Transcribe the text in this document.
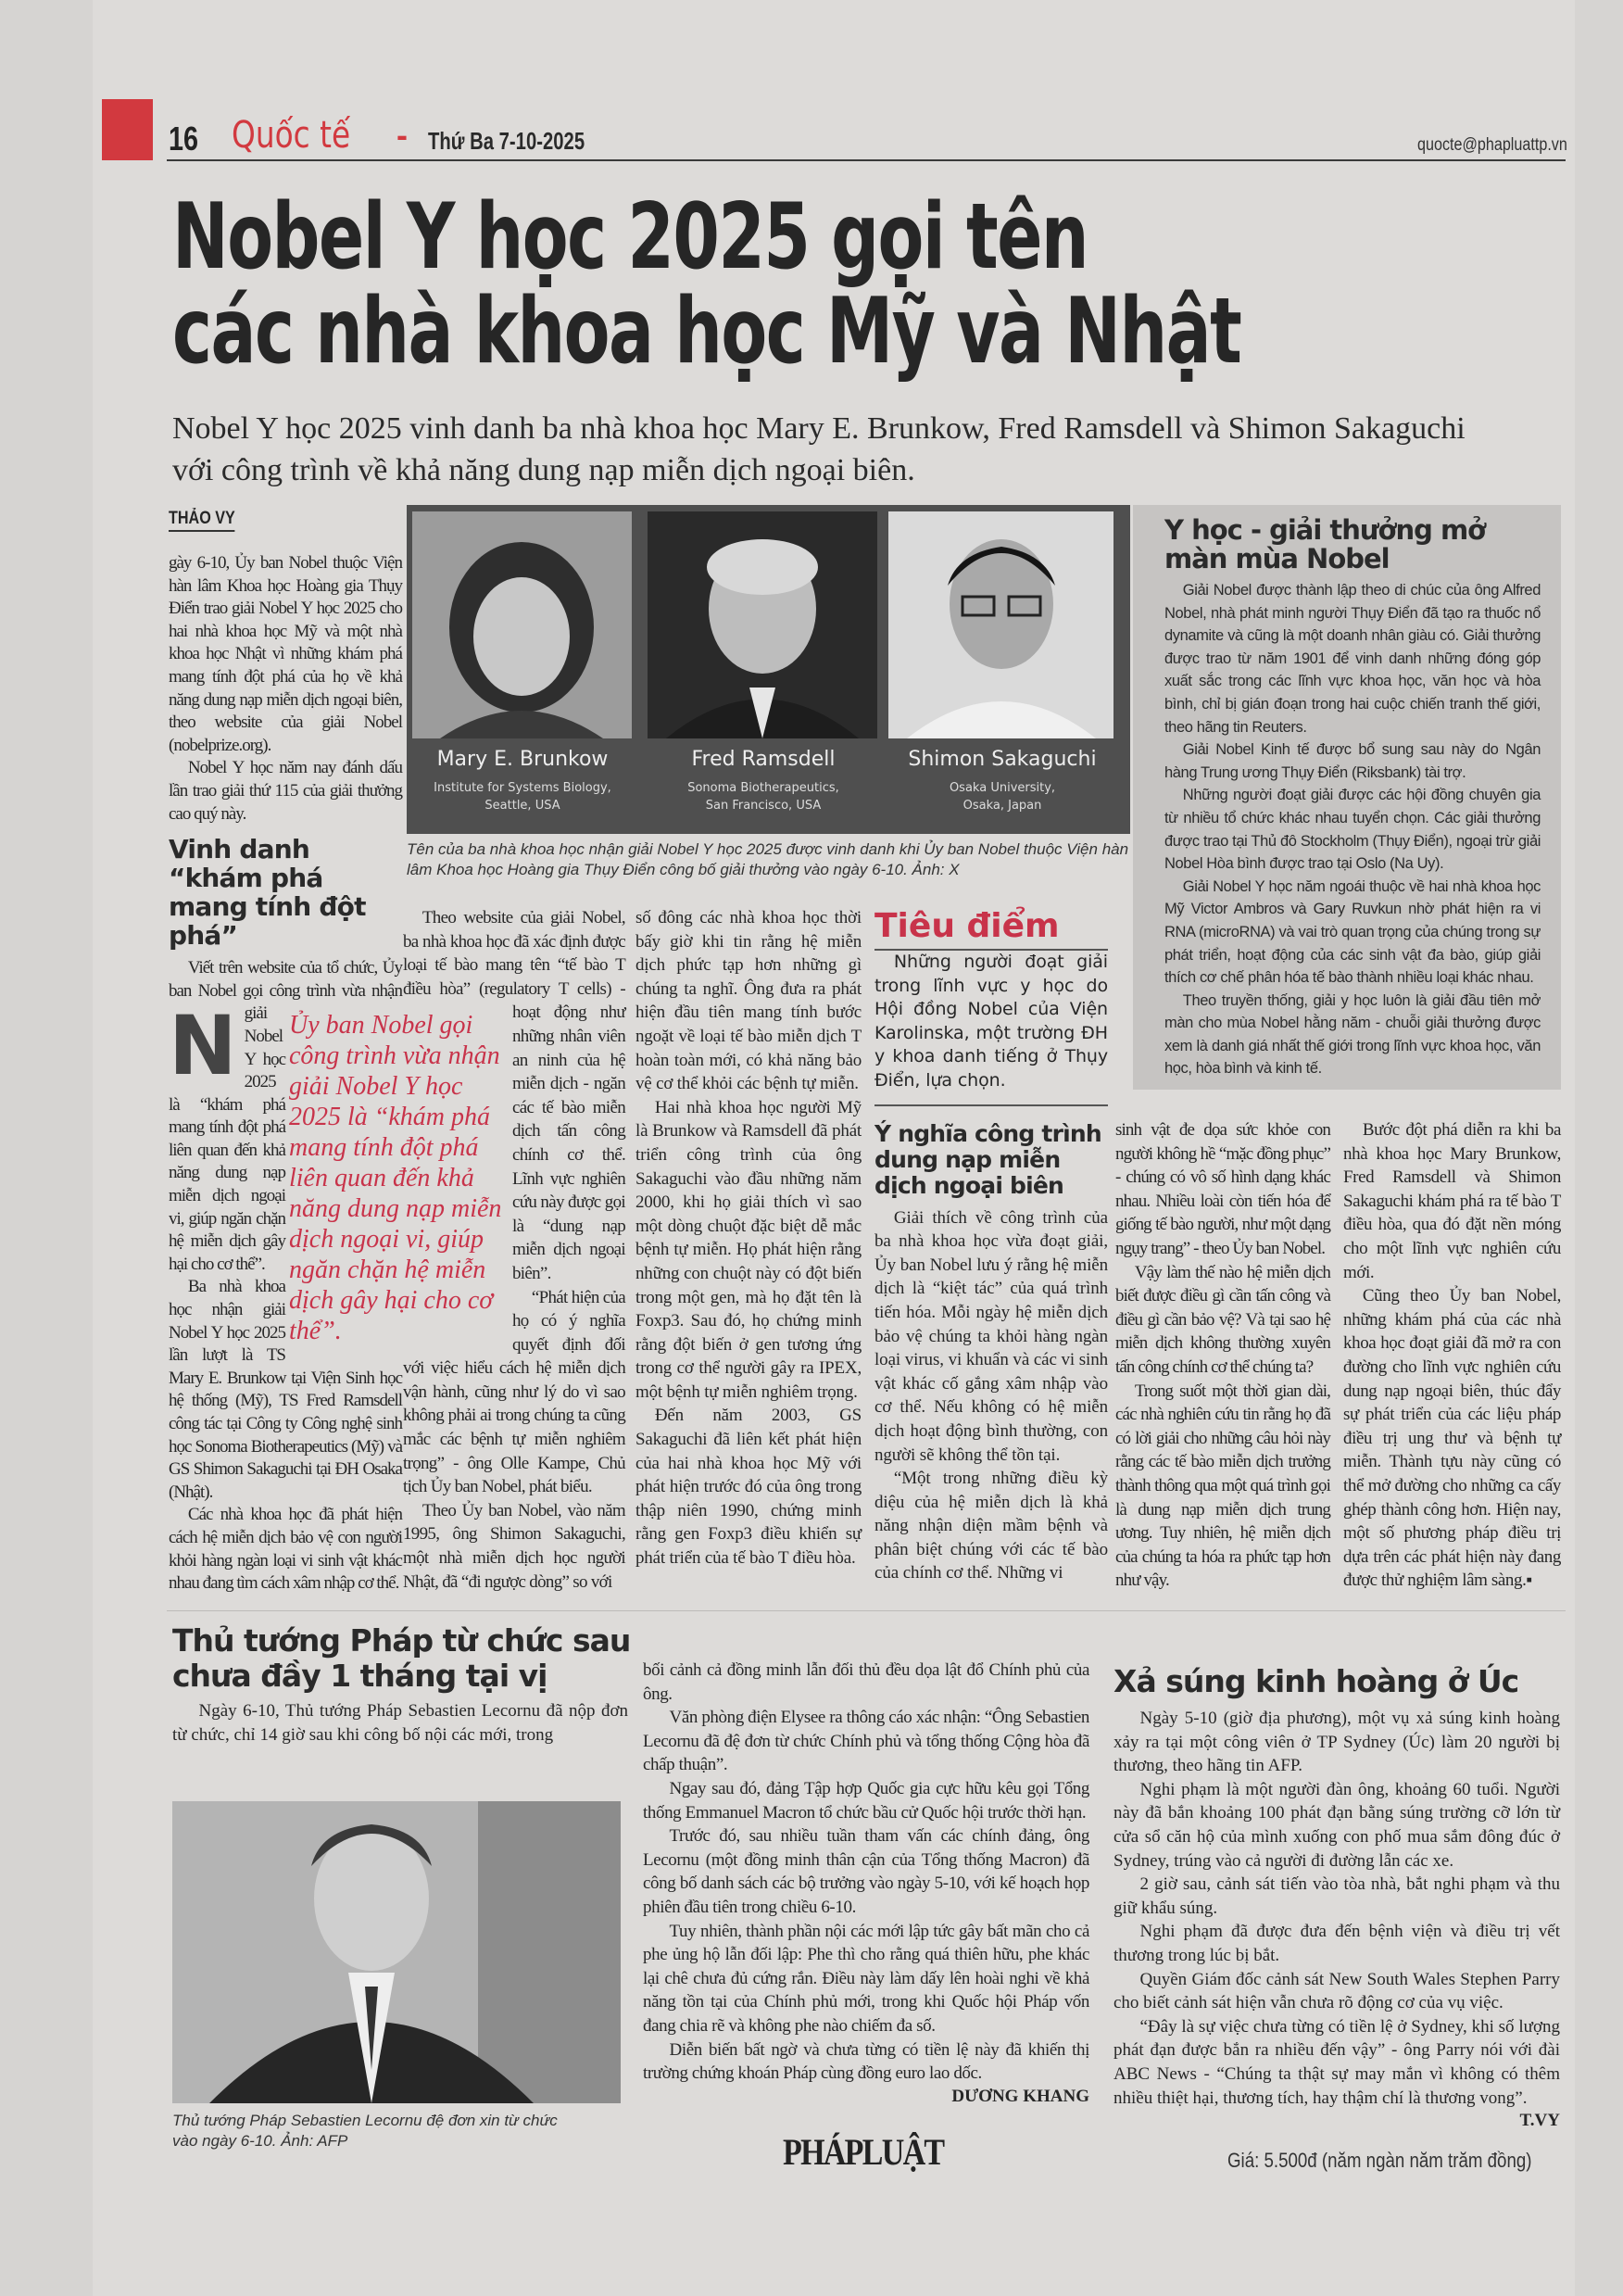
16 Quốc tế - Thứ Ba 7-10-2025	quocte@phapluattp.vn
Nobel Y học 2025 gọi tên
các nhà khoa học Mỹ và Nhật
Nobel Y học 2025 vinh danh ba nhà khoa học Mary E. Brunkow, Fred Ramsdell và Shimon Sakaguchi với công trình về khả năng dung nạp miễn dịch ngoại biên.
THẢO VY

N
gày 6-10, Ủy ban Nobel thuộc Viện hàn lâm Khoa học Hoàng gia Thụy Điển trao giải Nobel Y học 2025 cho hai nhà khoa học Mỹ và một nhà khoa học Nhật vì những khám phá mang tính đột phá của họ về khả năng dung nạp miễn dịch ngoại biên, theo website của giải Nobel (nobelprize.org).

Nobel Y học năm nay đánh dấu lần trao giải thứ 115 của giải thưởng cao quý này.

Vinh danh “khám phá mang tính đột phá”

Viết trên website của tổ chức, Ủy ban Nobel gọi công trình vừa nhận giải Nobel Y học 2025 là “khám phá mang tính đột phá liên quan đến khả năng dung nạp miễn dịch ngoại vi, giúp ngăn chặn hệ miễn dịch gây hại cho cơ thể”.

Ba nhà khoa học nhận giải Nobel Y học 2025 lần lượt là TS Mary E. Brunkow tại Viện Sinh học hệ thống (Mỹ), TS Fred Ramsdell công tác tại Công ty Công nghệ sinh học Sonoma Biotherapeutics (Mỹ) và GS Shimon Sakaguchi tại ĐH Osaka (Nhật).

Các nhà khoa học đã phát hiện cách hệ miễn dịch bảo vệ con người khỏi hàng ngàn loại vi sinh vật khác nhau đang tìm cách xâm nhập cơ thể.

Mary E. Brunkow
Institute for Systems Biology,
Seattle, USA
Fred Ramsdell
Sonoma Biotherapeutics,
San Francisco, USA
Shimon Sakaguchi
Osaka University,
Osaka, Japan
Tên của ba nhà khoa học nhận giải Nobel Y học 2025 được vinh danh khi Ủy ban Nobel thuộc Viện hàn lâm Khoa học Hoàng gia Thụy Điển công bố giải thưởng vào ngày 6-10. Ảnh: X
Ủy ban Nobel gọi công trình vừa nhận giải Nobel Y học 2025 là “khám phá mang tính đột phá liên quan đến khả năng dung nạp miễn dịch ngoại vi, giúp ngăn chặn hệ miễn dịch gây hại cho cơ thể”.

Theo website của giải Nobel, ba nhà khoa học đã xác định được loại tế bào mang tên “tế bào T điều hòa” (regulatory T cells) - hoạt động như những nhân viên an ninh của hệ miễn dịch - ngăn các tế bào miễn dịch tấn công chính cơ thể. Lĩnh vực nghiên cứu này được gọi là “dung nạp miễn dịch ngoại biên”.

“Phát hiện của họ có ý nghĩa quyết định đối với việc hiểu cách hệ miễn dịch vận hành, cũng như lý do vì sao không phải ai trong chúng ta cũng mắc các bệnh tự miễn nghiêm trọng” - ông Olle Kampe, Chủ tịch Ủy ban Nobel, phát biểu.

Theo Ủy ban Nobel, vào năm 1995, ông Shimon Sakaguchi, một nhà miễn dịch học người Nhật, đã “đi ngược dòng” so với

số đông các nhà khoa học thời bấy giờ khi tin rằng hệ miễn dịch phức tạp hơn những gì chúng ta nghĩ. Ông đưa ra phát hiện đầu tiên mang tính bước ngoặt về loại tế bào miễn dịch T hoàn toàn mới, có khả năng bảo vệ cơ thể khỏi các bệnh tự miễn.

Hai nhà khoa học người Mỹ là Brunkow và Ramsdell đã phát triển công trình của ông Sakaguchi vào đầu những năm 2000, khi họ giải thích vì sao một dòng chuột đặc biệt dễ mắc bệnh tự miễn. Họ phát hiện rằng những con chuột này có đột biến trong một gen, mà họ đặt tên là Foxp3. Sau đó, họ chứng minh rằng đột biến ở gen tương ứng trong cơ thể người gây ra IPEX, một bệnh tự miễn nghiêm trọng.

Đến năm 2003, GS Sakaguchi đã liên kết phát hiện của hai nhà khoa học Mỹ với phát hiện trước đó của ông trong thập niên 1990, chứng minh rằng gen Foxp3 điều khiển sự phát triển của tế bào T điều hòa.

Tiêu điểm

Những người đoạt giải trong lĩnh vực y học do Hội đồng Nobel của Viện Karolinska, một trường ĐH y khoa danh tiếng ở Thụy Điển, lựa chọn.

Ý nghĩa công trình dung nạp miễn dịch ngoại biên

Giải thích về công trình của ba nhà khoa học vừa đoạt giải, Ủy ban Nobel lưu ý rằng hệ miễn dịch là “kiệt tác” của quá trình tiến hóa. Mỗi ngày hệ miễn dịch bảo vệ chúng ta khỏi hàng ngàn loại virus, vi khuẩn và các vi sinh vật khác cố gắng xâm nhập vào cơ thể. Nếu không có hệ miễn dịch hoạt động bình thường, con người sẽ không thể tồn tại.

“Một trong những điều kỳ diệu của hệ miễn dịch là khả năng nhận diện mầm bệnh và phân biệt chúng với các tế bào của chính cơ thể. Những vi

Y học - giải thưởng mở màn mùa Nobel

Giải Nobel được thành lập theo di chúc của ông Alfred Nobel, nhà phát minh người Thụy Điển đã tạo ra thuốc nổ dynamite và cũng là một doanh nhân giàu có. Giải thưởng được trao từ năm 1901 để vinh danh những đóng góp xuất sắc trong các lĩnh vực khoa học, văn học và hòa bình, chỉ bị gián đoạn trong hai cuộc chiến tranh thế giới, theo hãng tin Reuters.

Giải Nobel Kinh tế được bổ sung sau này do Ngân hàng Trung ương Thụy Điển (Riksbank) tài trợ.

Những người đoạt giải được các hội đồng chuyên gia từ nhiều tổ chức khác nhau tuyển chọn. Các giải thưởng được trao tại Thủ đô Stockholm (Thụy Điển), ngoại trừ giải Nobel Hòa bình được trao tại Oslo (Na Uy).

Giải Nobel Y học năm ngoái thuộc về hai nhà khoa học Mỹ Victor Ambros và Gary Ruvkun nhờ phát hiện ra vi RNA (microRNA) và vai trò quan trọng của chúng trong sự phát triển, hoạt động của các sinh vật đa bào, giúp giải thích cơ chế phân hóa tế bào thành nhiều loại khác nhau.

Theo truyền thống, giải y học luôn là giải đầu tiên mở màn cho mùa Nobel hằng năm - chuỗi giải thưởng được xem là danh giá nhất thế giới trong lĩnh vực khoa học, văn học, hòa bình và kinh tế.

sinh vật đe dọa sức khỏe con người không hề “mặc đồng phục” - chúng có vô số hình dạng khác nhau. Nhiều loài còn tiến hóa để giống tế bào người, như một dạng ngụy trang” - theo Ủy ban Nobel.

Vậy làm thế nào hệ miễn dịch biết được điều gì cần tấn công và điều gì cần bảo vệ? Và tại sao hệ miễn dịch không thường xuyên tấn công chính cơ thể chúng ta?

Trong suốt một thời gian dài, các nhà nghiên cứu tin rằng họ đã có lời giải cho những câu hỏi này rằng các tế bào miễn dịch trưởng thành thông qua một quá trình gọi là dung nạp miễn dịch trung ương. Tuy nhiên, hệ miễn dịch của chúng ta hóa ra phức tạp hơn như vậy.

Bước đột phá diễn ra khi ba nhà khoa học Mary Brunkow, Fred Ramsdell và Shimon Sakaguchi khám phá ra tế bào T điều hòa, qua đó đặt nền móng cho một lĩnh vực nghiên cứu mới.

Cũng theo Ủy ban Nobel, những khám phá của các nhà khoa học đoạt giải đã mở ra con đường cho lĩnh vực nghiên cứu dung nạp ngoại biên, thúc đẩy sự phát triển của các liệu pháp điều trị ung thư và bệnh tự miễn. Thành tựu này cũng có thể mở đường cho những ca cấy ghép thành công hơn. Hiện nay, một số phương pháp điều trị dựa trên các phát hiện này đang được thử nghiệm lâm sàng.▪

Thủ tướng Pháp từ chức sau chưa đầy 1 tháng tại vị

Ngày 6-10, Thủ tướng Pháp Sebastien Lecornu đã nộp đơn từ chức, chỉ 14 giờ sau khi công bố nội các mới, trong

Thủ tướng Pháp Sebastien Lecornu đệ đơn xin từ chức vào ngày 6-10. Ảnh: AFP

bối cảnh cả đồng minh lẫn đối thủ đều dọa lật đổ Chính phủ của ông.

Văn phòng điện Elysee ra thông cáo xác nhận: “Ông Sebastien Lecornu đã đệ đơn từ chức Chính phủ và tổng thống Cộng hòa đã chấp thuận”.

Ngay sau đó, đảng Tập hợp Quốc gia cực hữu kêu gọi Tổng thống Emmanuel Macron tổ chức bầu cử Quốc hội trước thời hạn.

Trước đó, sau nhiều tuần tham vấn các chính đảng, ông Lecornu (một đồng minh thân cận của Tổng thống Macron) đã công bố danh sách các bộ trưởng vào ngày 5-10, với kế hoạch họp phiên đầu tiên trong chiều 6-10.

Tuy nhiên, thành phần nội các mới lập tức gây bất mãn cho cả phe ủng hộ lẫn đối lập: Phe thì cho rằng quá thiên hữu, phe khác lại chê chưa đủ cứng rắn. Điều này làm dấy lên hoài nghi về khả năng tồn tại của Chính phủ mới, trong khi Quốc hội Pháp vốn đang chia rẽ và không phe nào chiếm đa số.

Diễn biến bất ngờ và chưa từng có tiền lệ này đã khiến thị trường chứng khoán Pháp cùng đồng euro lao dốc.

DƯƠNG KHANG
Xả súng kinh hoàng ở Úc

Ngày 5-10 (giờ địa phương), một vụ xả súng kinh hoàng xảy ra tại một công viên ở TP Sydney (Úc) làm 20 người bị thương, theo hãng tin AFP.

Nghi phạm là một người đàn ông, khoảng 60 tuổi. Người này đã bắn khoảng 100 phát đạn bằng súng trường cỡ lớn từ cửa sổ căn hộ của mình xuống con phố mua sắm đông đúc ở Sydney, trúng vào cả người đi đường lẫn các xe.

2 giờ sau, cảnh sát tiến vào tòa nhà, bắt nghi phạm và thu giữ khẩu súng.

Nghi phạm đã được đưa đến bệnh viện và điều trị vết thương trong lúc bị bắt.

Quyền Giám đốc cảnh sát New South Wales Stephen Parry cho biết cảnh sát hiện vẫn chưa rõ động cơ của vụ việc.

“Đây là sự việc chưa từng có tiền lệ ở Sydney, khi số lượng phát đạn được bắn ra nhiều đến vậy” - ông Parry nói với đài ABC News - “Chúng ta thật sự may mắn vì không có thêm nhiều thiệt hại, thương tích, hay thậm chí là thương vong”.

T.VY
PHÁPLUẬT	Giá: 5.500đ (năm ngàn năm trăm đồng)
